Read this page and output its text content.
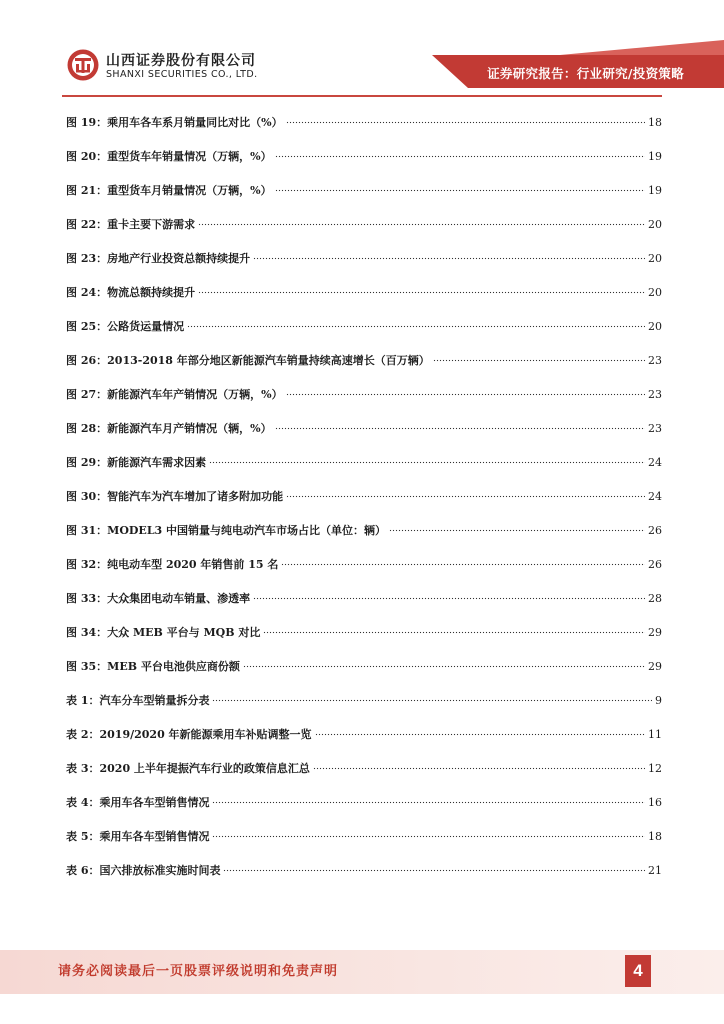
山西证券股份有限公司
SHANXI SECURITIES CO., LTD.	证券研究报告：行业研究/投资策略
图 19：乘用车各车系月销量同比对比（%）	18
图 20：重型货车年销量情况（万辆，%）	19
图 21：重型货车月销量情况（万辆，%）	19
图 22：重卡主要下游需求	20
图 23：房地产行业投资总额持续提升	20
图 24：物流总额持续提升	20
图 25：公路货运量情况	20
图 26：2013-2018 年部分地区新能源汽车销量持续高速增长（百万辆）	23
图 27：新能源汽车年产销情况（万辆，%）	23
图 28：新能源汽车月产销情况（辆，%）	23
图 29：新能源汽车需求因素	24
图 30：智能汽车为汽车增加了诸多附加功能	24
图 31：MODEL3 中国销量与纯电动汽车市场占比（单位：辆）	26
图 32：纯电动车型 2020 年销售前 15 名	26
图 33：大众集团电动车销量、渗透率	28
图 34：大众 MEB 平台与 MQB 对比	29
图 35：MEB 平台电池供应商份额	29
表 1：汽车分车型销量拆分表	9
表 2：2019/2020 年新能源乘用车补贴调整一览	11
表 3：2020 上半年提振汽车行业的政策信息汇总	12
表 4：乘用车各车型销售情况	16
表 5：乘用车各车型销售情况	18
表 6：国六排放标准实施时间表	21
请务必阅读最后一页股票评级说明和免责声明	4
